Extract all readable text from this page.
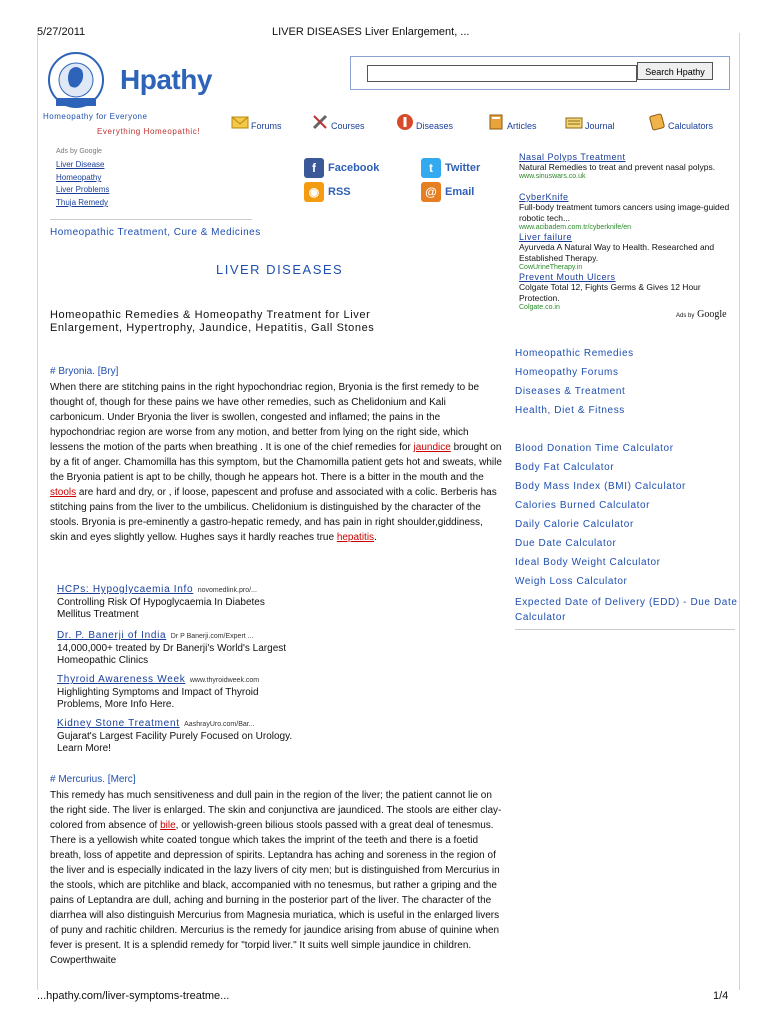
5/27/2011	LIVER DISEASES Liver Enlargement, ...
Hpathy
Homeopathy for Everyone
Everything Homeopathic!
Search Hpathy
Forums	Courses	Diseases	Articles	Journal	Calculators
Ads by Google
Liver Disease
Homeopathy
Liver Problems
Thuja Remedy
f	Facebook	t	Twitter
◉ RSS	@ Email
Nasal Polyps Treatment
Natural Remedies to treat and prevent nasal polyps.
www.sinuswars.co.uk
CyberKnife
Full-body treatment tumors cancers using image-guided robotic tech...
www.acibadem.com.tr/cyberknife/en
Liver failure
Ayurveda A Natural Way to Health. Researched and Established Therapy.
CowUrineTherapy.in
Prevent Mouth Ulcers
Colgate Total 12, Fights Germs & Gives 12 Hour Protection.
Colgate.co.in
Ads by Google
Homeopathic Treatment, Cure & Medicines
LIVER DISEASES
Homeopathic Remedies & Homeopathy Treatment for Liver Enlargement, Hypertrophy, Jaundice, Hepatitis, Gall Stones
Homeopathic Remedies
Homeopathy Forums
Diseases & Treatment
Health, Diet & Fitness
Blood Donation Time Calculator
Body Fat Calculator
Body Mass Index (BMI) Calculator
Calories Burned Calculator
Daily Calorie Calculator
Due Date Calculator
Ideal Body Weight Calculator
Weigh Loss Calculator
Expected Date of Delivery (EDD) - Due Date Calculator
# Bryonia. [Bry]
When there are stitching pains in the right hypochondriac region, Bryonia is the first remedy to be thought of, though for these pains we have other remedies, such as Chelidonium and Kali carbonicum. Under Bryonia the liver is swollen, congested and inflamed; the pains in the hypochondriac region are worse from any motion, and better from lying on the right side, which lessens the motion of the parts when breathing . It is one of the chief remedies for jaundice brought on by a fit of anger. Chamomilla has this symptom, but the Chamomilla patient gets hot and sweats, while the Bryonia patient is apt to be chilly, though he appears hot. There is a bitter in the mouth and the stools are hard and dry, or , if loose, papescent and profuse and associated with a colic. Berberis has stitching pains from the liver to the umbilicus. Chelidonium is distinguished by the character of the stools. Bryonia is pre-eminently a gastro-hepatic remedy, and has pain in right shoulder,giddiness, skin and eyes slightly yellow. Hughes says it hardly reaches true hepatitis.
HCPs: Hypoglycaemia Info novomedlink.pro/...
Controlling Risk Of Hypoglycaemia In Diabetes Mellitus Treatment
Dr. P. Banerji of India Dr P Banerji.com/Expert ...
14,000,000+ treated by Dr Banerji's World's Largest Homeopathic Clinics
Thyroid Awareness Week www.thyroidweek.com
Highlighting Symptoms and Impact of Thyroid Problems, More Info Here.
Kidney Stone Treatment AashrayUro.com/Bar...
Gujarat's Largest Facility Purely Focused on Urology. Learn More!
# Mercurius. [Merc]
This remedy has much sensitiveness and dull pain in the region of the liver; the patient cannot lie on the right side. The liver is enlarged. The skin and conjunctiva are jaundiced. The stools are either clay-colored from absence of bile, or yellowish-green bilious stools passed with a great deal of tenesmus. There is a yellowish white coated tongue which takes the imprint of the teeth and there is a foetid breath, loss of appetite and depression of spirits. Leptandra has aching and soreness in the region of the liver and is especially indicated in the lazy livers of city men; but is distinguished from Mercurius in the stools, which are pitchlike and black, accompanied with no tenesmus, but rather a griping and the pains of Leptandra are dull, aching and burning in the posterior part of the liver. The character of the diarrhea will also distinguish Mercurius from Magnesia muriatica, which is useful in the enlarged livers of puny and rachitic children. Mercurius is the remedy for jaundice arising from abuse of quinine when fever is present. It is a splendid remedy for "torpid liver." It suits well simple jaundice in children. Cowperthwaite
...hpathy.com/liver-symptoms-treatme...	1/4
